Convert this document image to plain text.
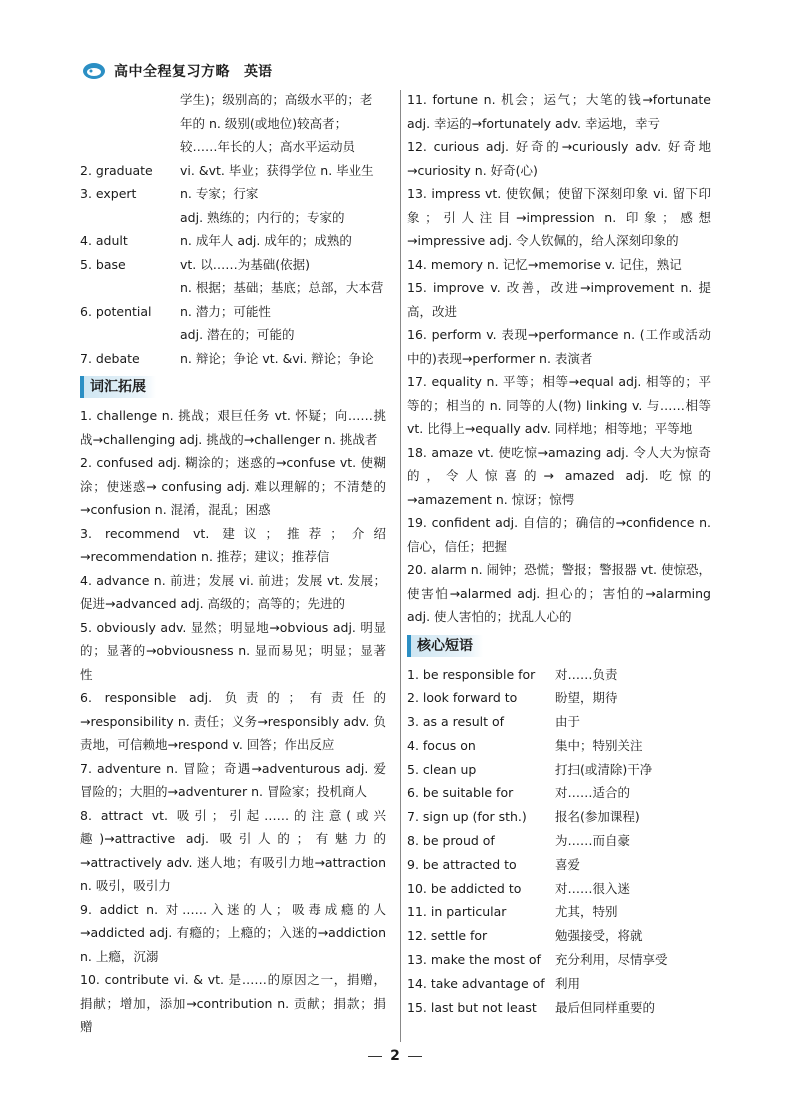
高中全程复习方略 英语
学生)；级别高的；高级水平的；老
年的 n. 级别(或地位)较高者；
较……年长的人；高水平运动员
2. graduate	vi. &vt. 毕业；获得学位 n. 毕业生
3. expert	n. 专家；行家
adj. 熟练的；内行的；专家的
4. adult	n. 成年人 adj. 成年的；成熟的
5. base	vt. 以……为基础(依据)
n. 根据；基础；基底；总部，大本营
6. potential	n. 潜力；可能性
adj. 潜在的；可能的
7. debate	n. 辩论；争论 vt. &vi. 辩论；争论
词汇拓展
1. challenge n. 挑战；艰巨任务 vt. 怀疑；向……挑战→challenging adj. 挑战的→challenger n. 挑战者
2. confused adj. 糊涂的；迷惑的→confuse vt. 使糊涂；使迷惑→ confusing adj. 难以理解的；不清楚的→confusion n. 混淆，混乱；困惑
3. recommend vt. 建议；推荐；介绍→recommendation n. 推荐；建议；推荐信
4. advance n. 前进；发展 vi. 前进；发展 vt. 发展；促进→advanced adj. 高级的；高等的；先进的
5. obviously adv. 显然；明显地→obvious adj. 明显的；显著的→obviousness n. 显而易见；明显；显著性
6. responsible adj. 负责的；有责任的→responsibility n. 责任；义务→responsibly adv. 负责地，可信赖地→respond v. 回答；作出反应
7. adventure n. 冒险；奇遇→adventurous adj. 爱冒险的；大胆的→adventurer n. 冒险家；投机商人
8. attract vt. 吸引；引起……的注意(或兴趣)→attractive adj. 吸引人的；有魅力的→attractively adv. 迷人地；有吸引力地→attraction n. 吸引，吸引力
9. addict n. 对……入迷的人；吸毒成瘾的人→addicted adj. 有瘾的；上瘾的；入迷的→addiction n. 上瘾，沉溺
10. contribute vi. & vt. 是……的原因之一，捐赠，捐献；增加，添加→contribution n. 贡献；捐款；捐赠
11. fortune n. 机会；运气；大笔的钱→fortunate adj. 幸运的→fortunately adv. 幸运地，幸亏
12. curious adj. 好奇的→curiously adv. 好奇地→curiosity n. 好奇(心)
13. impress vt. 使钦佩；使留下深刻印象 vi. 留下印象；引人注目→impression n. 印象；感想→impressive adj. 令人钦佩的，给人深刻印象的
14. memory n. 记忆→memorise v. 记住，熟记
15. improve v. 改善，改进→improvement n. 提高，改进
16. perform v. 表现→performance n. (工作或活动中的)表现→performer n. 表演者
17. equality n. 平等；相等→equal adj. 相等的；平等的；相当的 n. 同等的人(物) linking v. 与……相等 vt. 比得上→equally adv. 同样地；相等地；平等地
18. amaze vt. 使吃惊→amazing adj. 令人大为惊奇的，令人惊喜的→ amazed adj. 吃惊的→amazement n. 惊讶；惊愕
19. confident adj. 自信的；确信的→confidence n. 信心，信任；把握
20. alarm n. 闹钟；恐慌；警报；警报器 vt. 使惊恐，使害怕→alarmed adj. 担心的；害怕的→alarming adj. 使人害怕的；扰乱人心的
核心短语
1. be responsible for	对……负责
2. look forward to	盼望，期待
3. as a result of	由于
4. focus on	集中；特别关注
5. clean up	打扫(或清除)干净
6. be suitable for	对……适合的
7. sign up (for sth.)	报名(参加课程)
8. be proud of	为……而自豪
9. be attracted to	喜爱
10. be addicted to	对……很入迷
11. in particular	尤其，特别
12. settle for	勉强接受，将就
13. make the most of	充分利用，尽情享受
14. take advantage of 利用
15. last but not least	最后但同样重要的
2
